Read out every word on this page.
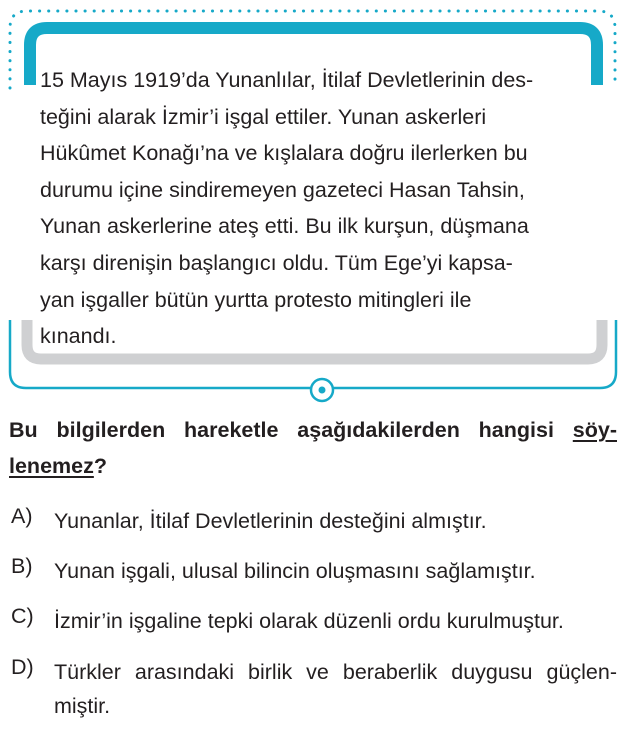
15 Mayıs 1919’da Yunanlılar, İtilaf Devletlerinin des-
teğini alarak İzmir’i işgal ettiler. Yunan askerleri
Hükûmet Konağı’na ve kışlalara doğru ilerlerken bu
durumu içine sindiremeyen gazeteci Hasan Tahsin,
Yunan askerlerine ateş etti. Bu ilk kurşun, düşmana
karşı direnişin başlangıcı oldu. Tüm Ege’yi kapsa-
yan işgaller bütün yurtta protesto mitingleri ile
kınandı.
Bu bilgilerden hareketle aşağıdakilerden hangisi söy-
lenemez?
A)	Yunanlar, İtilaf Devletlerinin desteğini almıştır.
B)	Yunan işgali, ulusal bilincin oluşmasını sağlamıştır.
C) İzmir’in işgaline tepki olarak düzenli ordu kurulmuştur.
D) Türkler arasındaki birlik ve beraberlik duygusu güçlen-
miştir.
